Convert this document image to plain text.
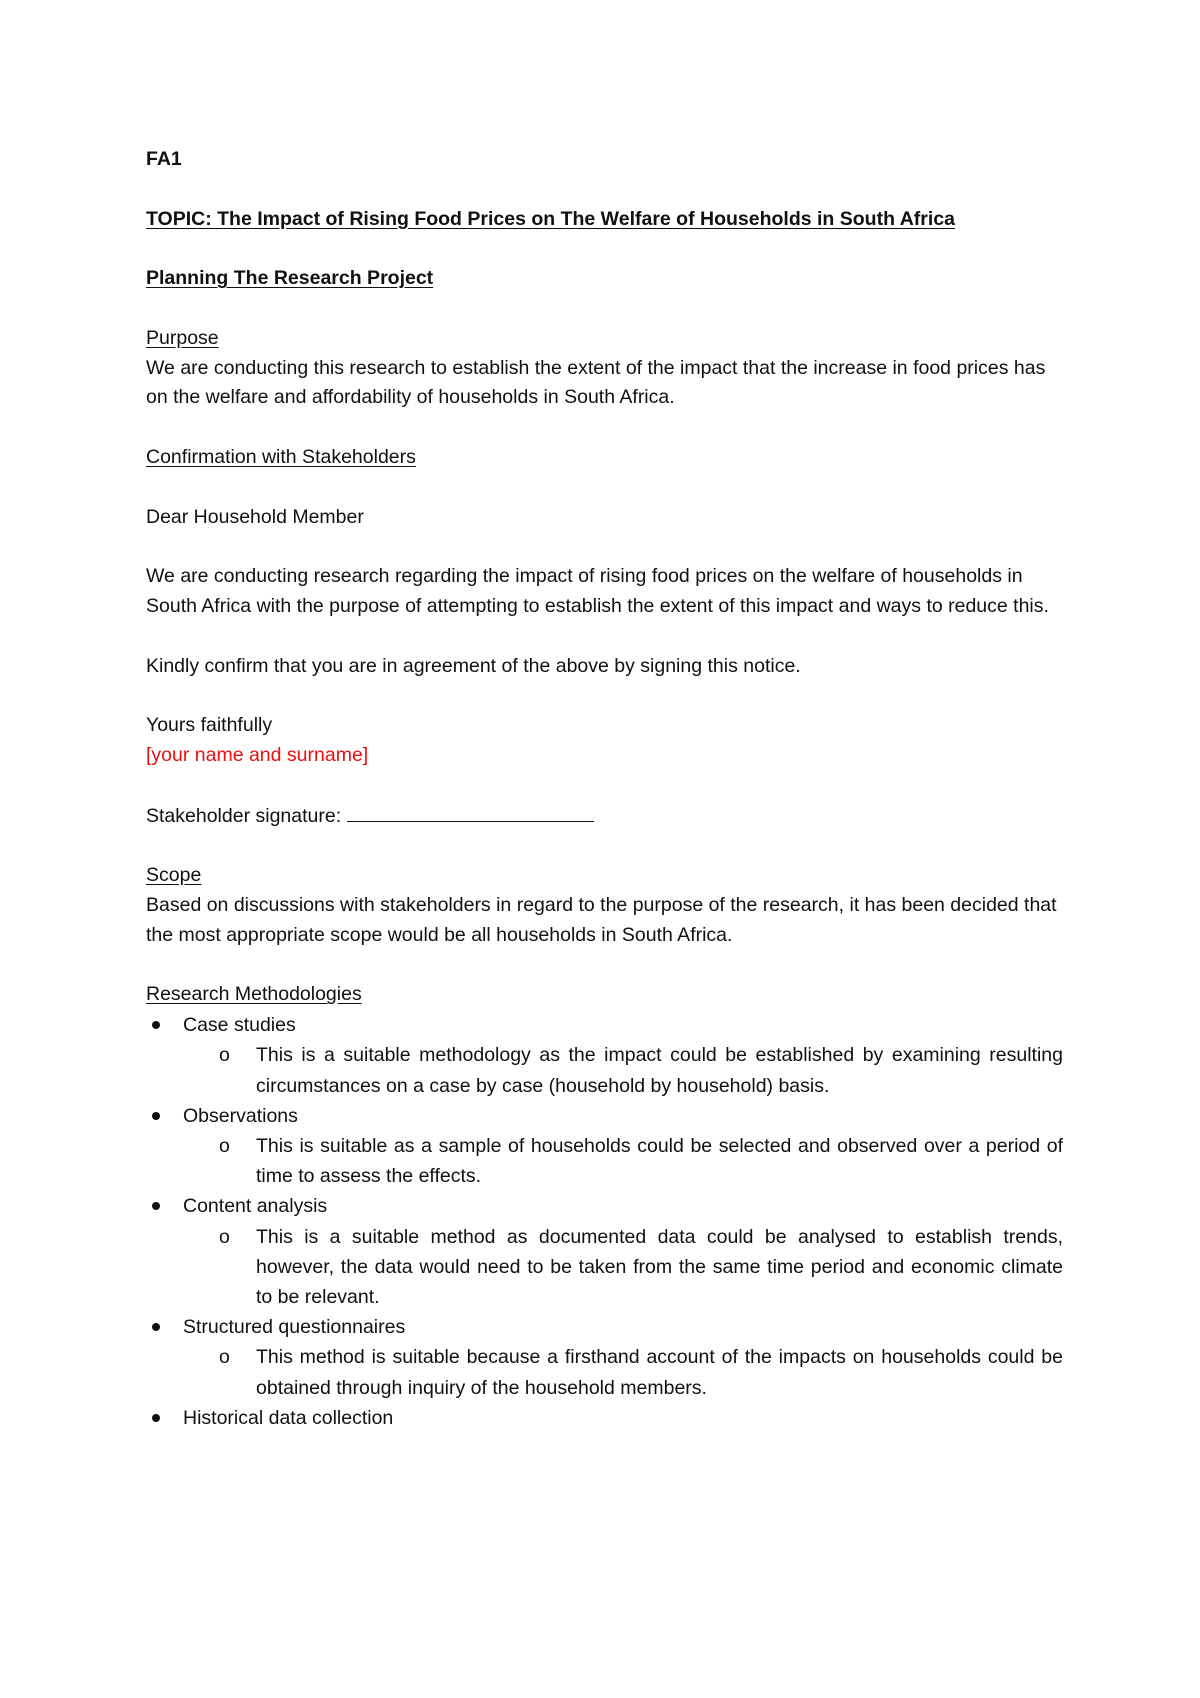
FA1

TOPIC: The Impact of Rising Food Prices on The Welfare of Households in South Africa

Planning The Research Project

Purpose

We are conducting this research to establish the extent of the impact that the increase in food prices has on the welfare and affordability of households in South Africa.

Confirmation with Stakeholders

Dear Household Member

We are conducting research regarding the impact of rising food prices on the welfare of households in South Africa with the purpose of attempting to establish the extent of this impact and ways to reduce this.

Kindly confirm that you are in agreement of the above by signing this notice.

Yours faithfully

[your name and surname]

Stakeholder signature:

Scope

Based on discussions with stakeholders in regard to the purpose of the research, it has been decided that the most appropriate scope would be all households in South Africa.

Research Methodologies

Case studies
o This is a suitable methodology as the impact could be established by examining resulting circumstances on a case by case (household by household) basis.
Observations
o This is suitable as a sample of households could be selected and observed over a period of time to assess the effects.
Content analysis
o This is a suitable method as documented data could be analysed to establish trends, however, the data would need to be taken from the same time period and economic climate to be relevant.
Structured questionnaires
o This method is suitable because a firsthand account of the impacts on households could be obtained through inquiry of the household members.
Historical data collection
